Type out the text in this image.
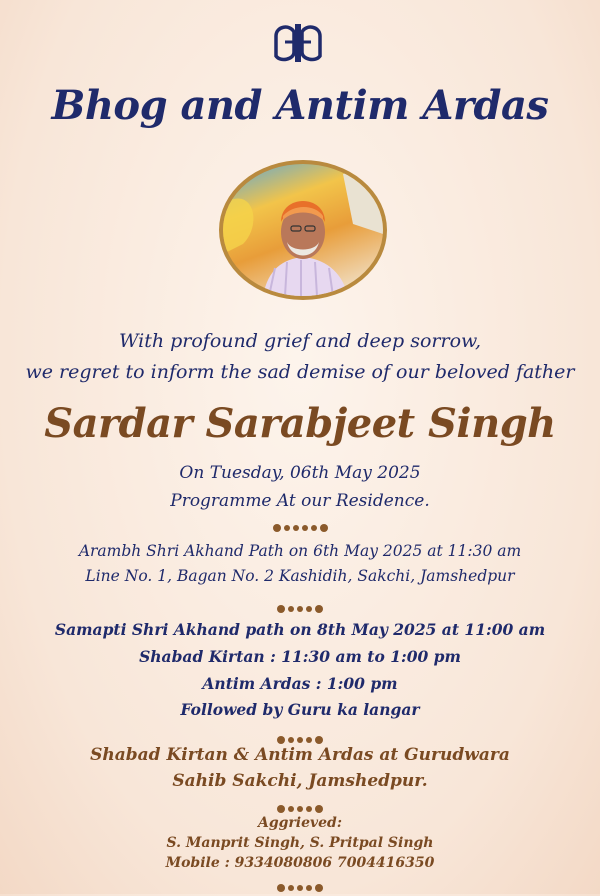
Bhog and Antim Ardas
With profound grief and deep sorrow,
we regret to inform the sad demise of our beloved father
Sardar Sarabjeet Singh
On Tuesday, 06th May 2025
Programme At our Residence.
Arambh Shri Akhand Path on 6th May 2025 at 11:30 am
Line No. 1, Bagan No. 2 Kashidih, Sakchi, Jamshedpur
Samapti Shri Akhand path on 8th May 2025 at 11:00 am
Shabad Kirtan : 11:30 am to 1:00 pm
Antim Ardas : 1:00 pm
Followed by Guru ka langar
Shabad Kirtan & Antim Ardas at Gurudwara
Sahib Sakchi, Jamshedpur.
Aggrieved:
S. Manprit Singh, S. Pritpal Singh
Mobile : 9334080806 7004416350
